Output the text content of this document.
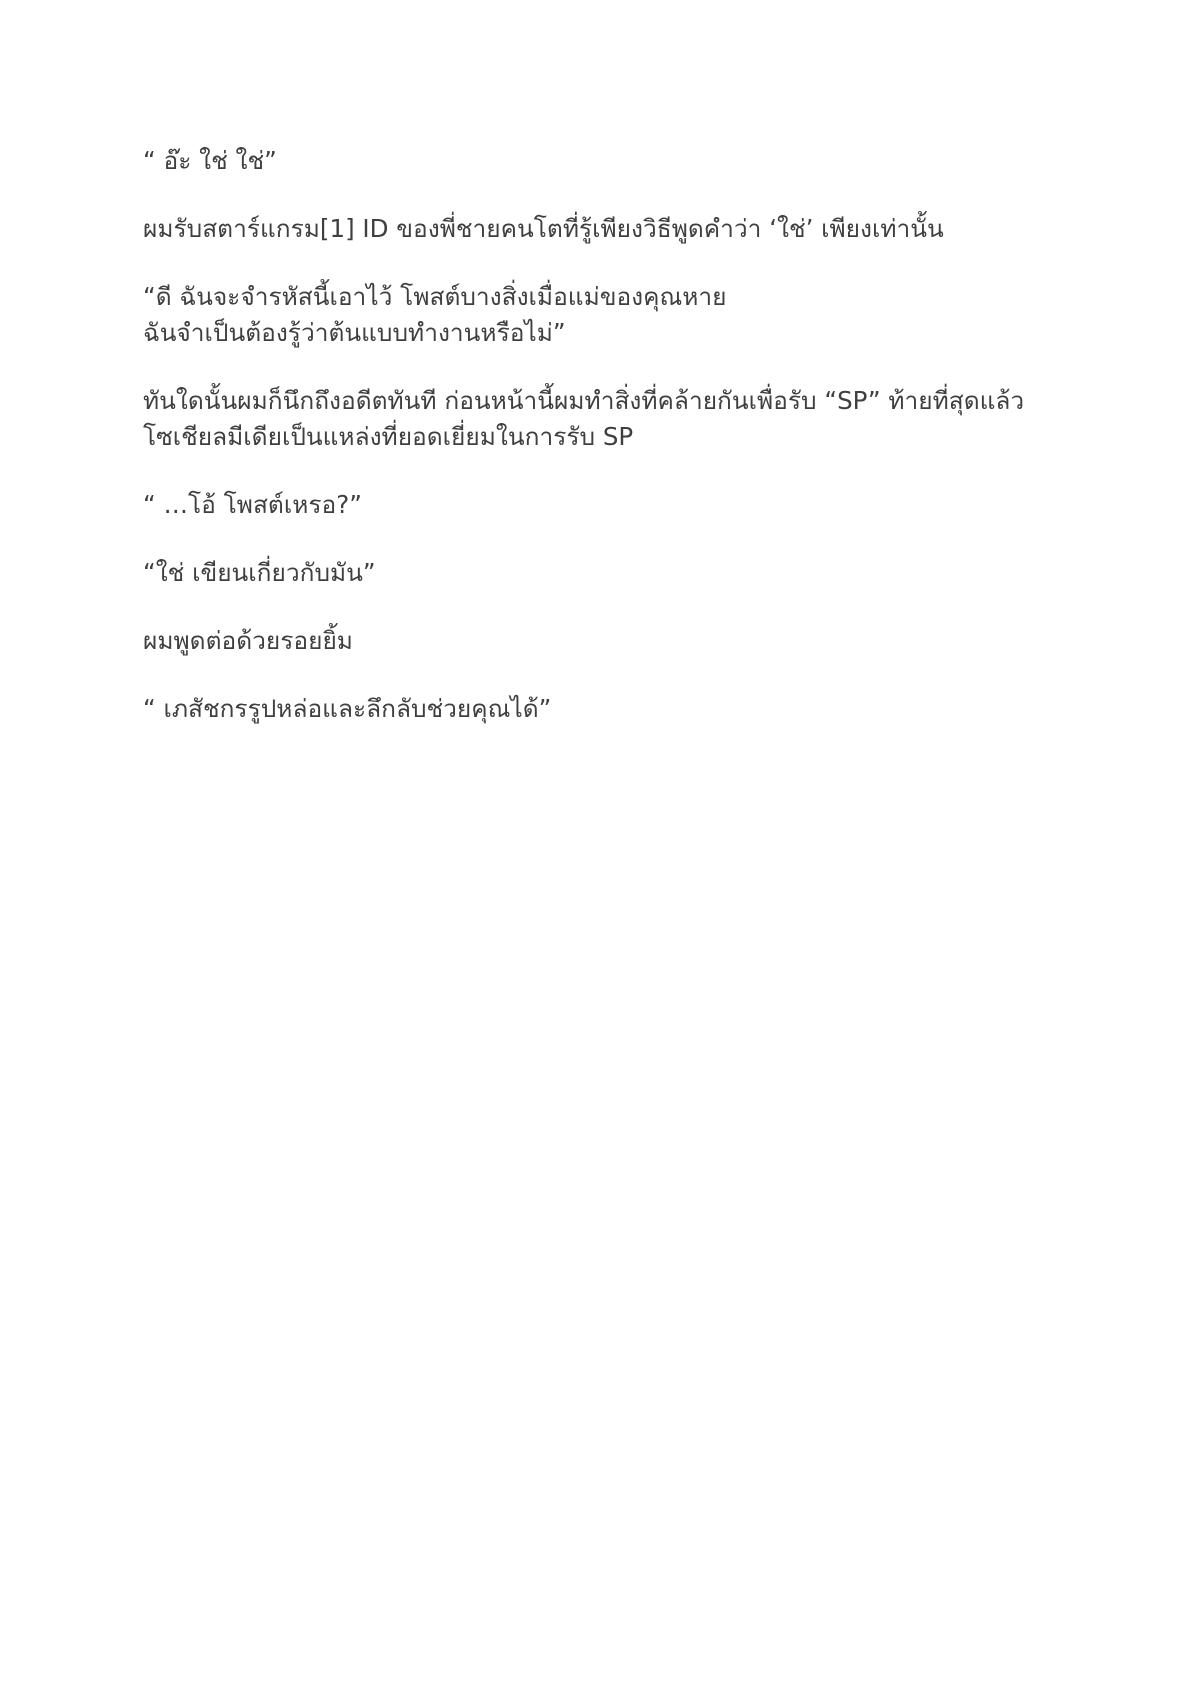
“ อ๊ะ ใช่ ใช่”

ผมรับสตาร์แกรม[1] ID ของพี่ชายคนโตที่รู้เพียงวิธีพูดคำว่า ‘ใช่’ เพียงเท่านั้น

“ดี ฉันจะจำรหัสนี้เอาไว้ โพสต์บางสิ่งเมื่อแม่ของคุณหาย
ฉันจำเป็นต้องรู้ว่าต้นแบบทำงานหรือไม่”

ทันใดนั้นผมก็นึกถึงอดีตทันที ก่อนหน้านี้ผมทำสิ่งที่คล้ายกันเพื่อรับ “SP” ท้ายที่สุดแล้ว
โซเชียลมีเดียเป็นแหล่งที่ยอดเยี่ยมในการรับ SP

“ …โอ้ โพสต์เหรอ?”

“ใช่ เขียนเกี่ยวกับมัน”

ผมพูดต่อด้วยรอยยิ้ม

“ เภสัชกรรูปหล่อและลึกลับช่วยคุณได้”
